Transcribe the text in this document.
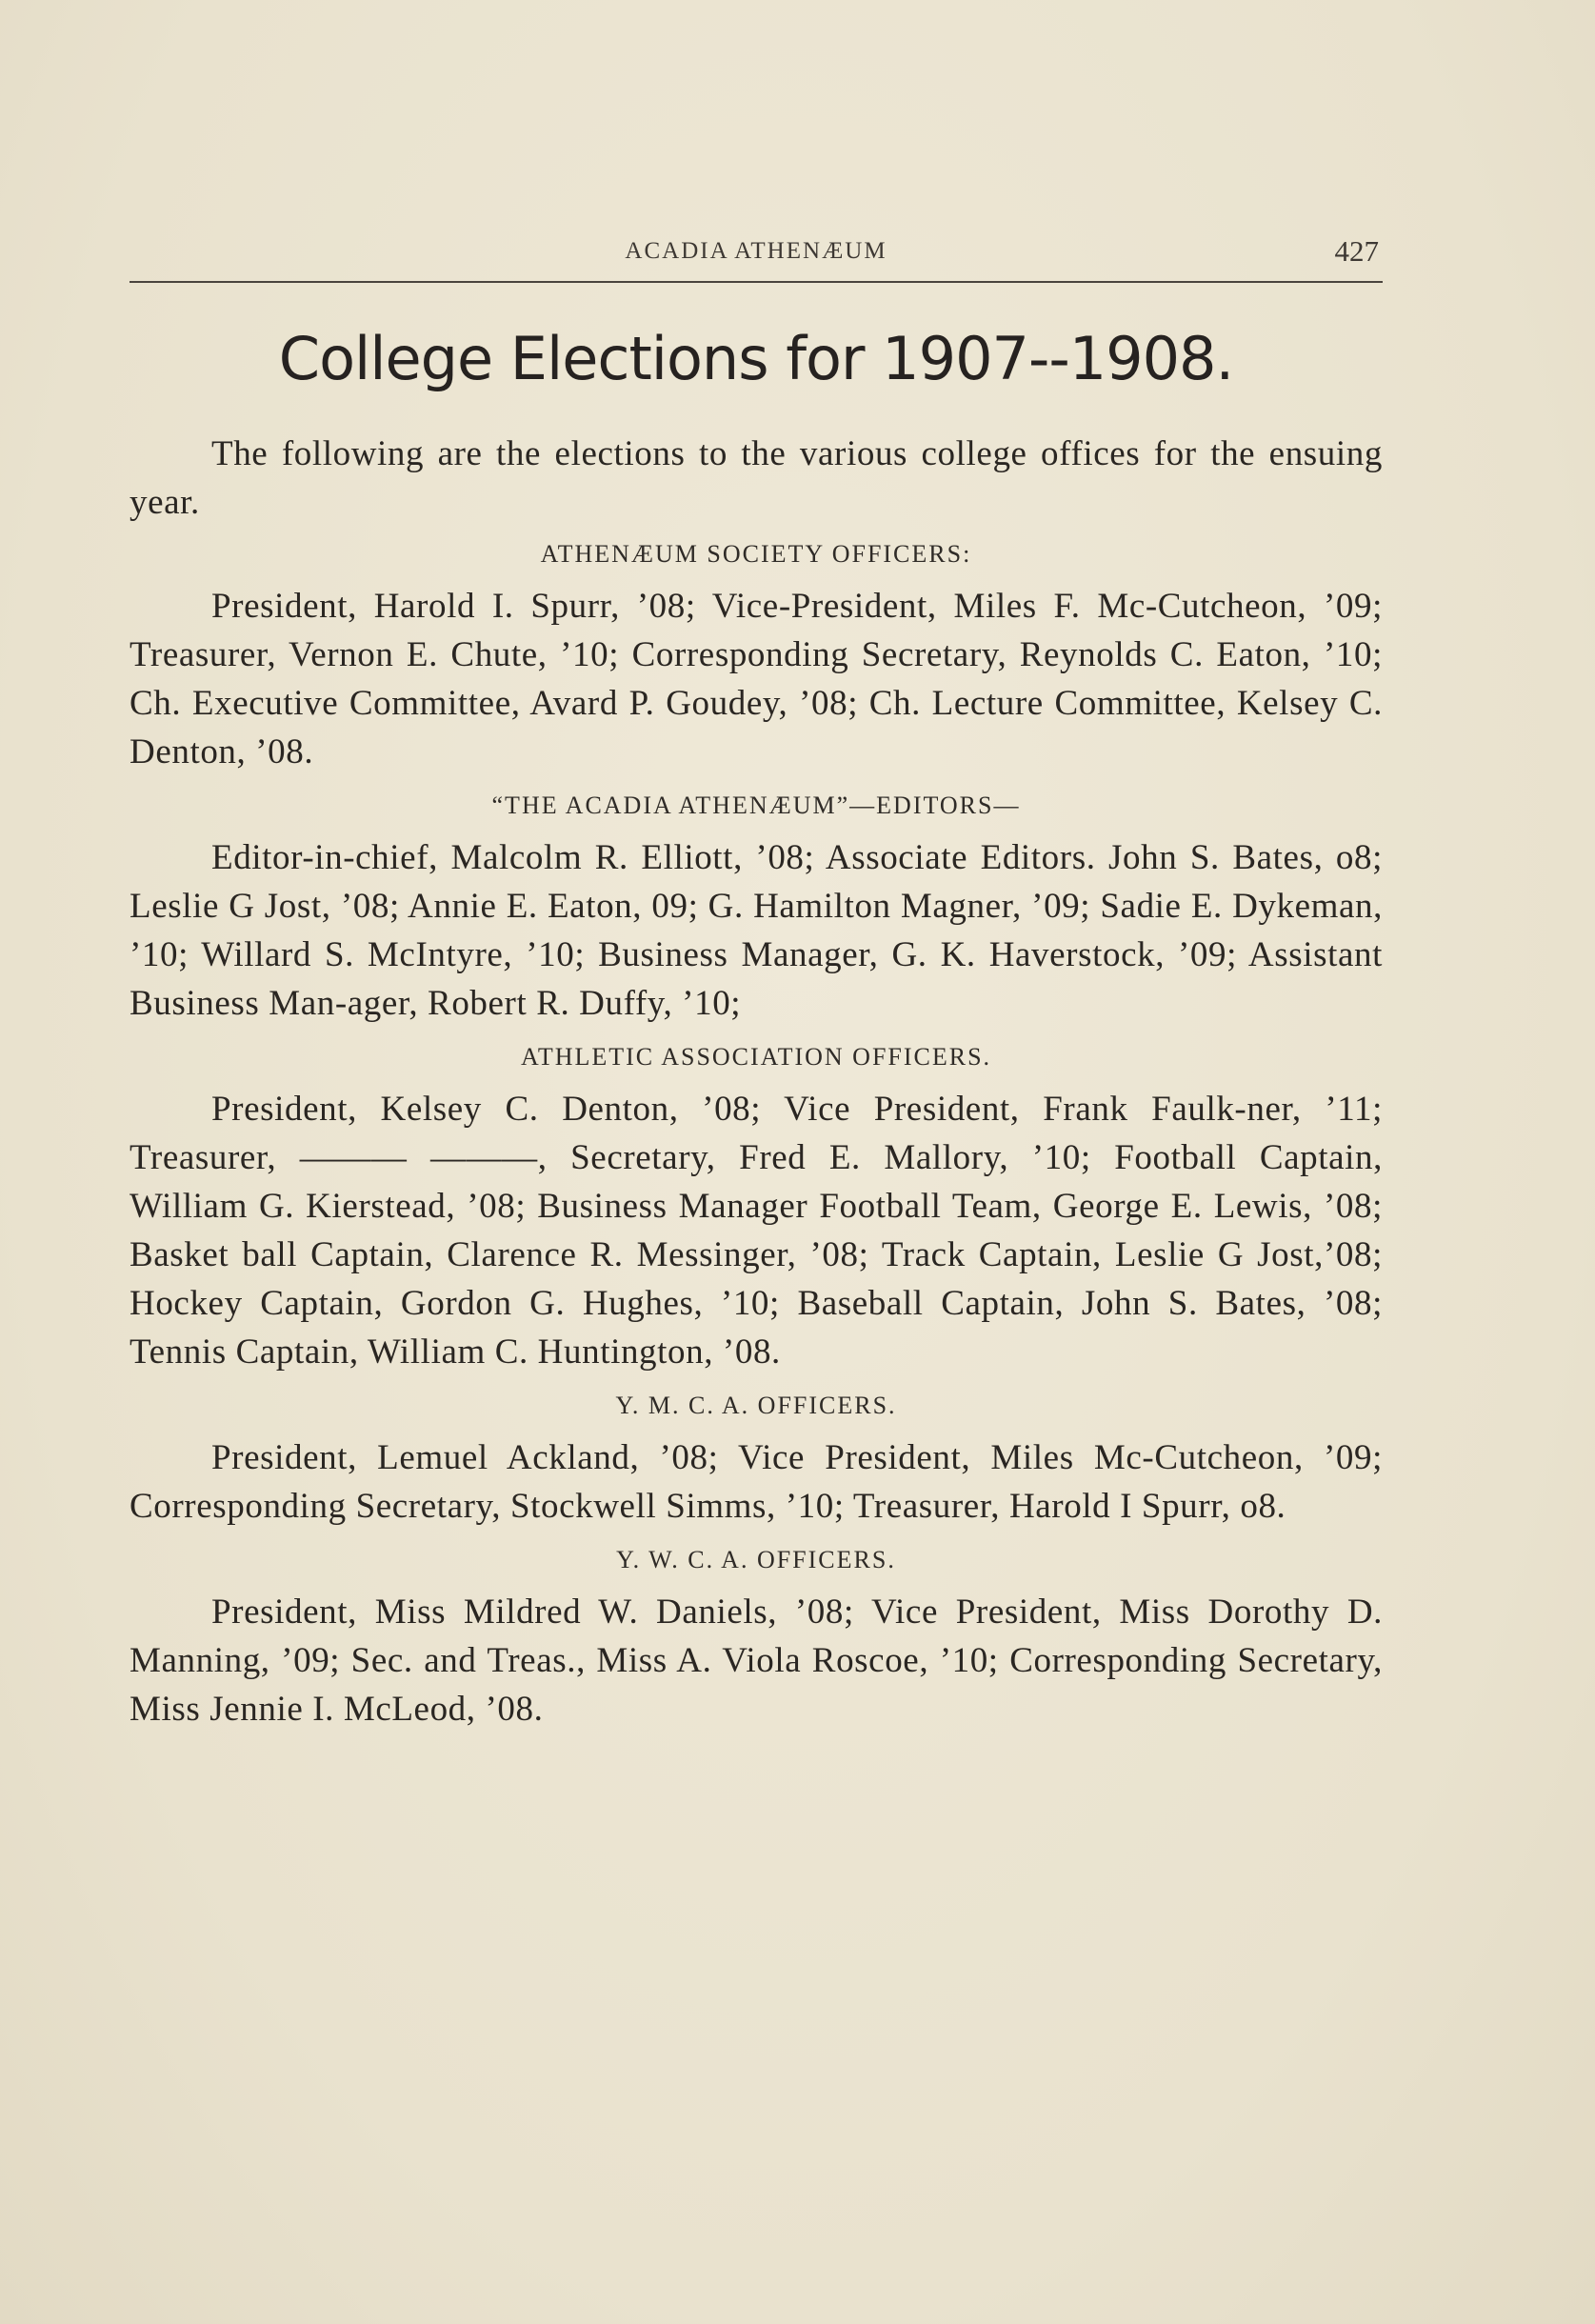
ACADIA ATHENÆUM	427
College Elections for 1907--1908.

The following are the elections to the various college offices for the ensuing year.

ATHENÆUM SOCIETY OFFICERS:

President, Harold I. Spurr, ’08; Vice-President, Miles F. Mc-Cutcheon, ’09; Treasurer, Vernon E. Chute, ’10; Corresponding Secretary, Reynolds C. Eaton, ’10; Ch. Executive Committee, Avard P. Goudey, ’08; Ch. Lecture Committee, Kelsey C. Denton, ’08.

“THE ACADIA ATHENÆUM”—EDITORS—

Editor-in-chief, Malcolm R. Elliott, ’08; Associate Editors. John S. Bates, o8; Leslie G Jost, ’08; Annie E. Eaton, 09; G. Hamilton Magner, ’09; Sadie E. Dykeman, ’10; Willard S. McIntyre, ’10; Business Manager, G. K. Haverstock, ’09; Assistant Business Man-ager, Robert R. Duffy, ’10;

ATHLETIC ASSOCIATION OFFICERS.

President, Kelsey C. Denton, ’08; Vice President, Frank Faulk-ner, ’11; Treasurer, ——— ———, Secretary, Fred E. Mallory, ’10; Football Captain, William G. Kierstead, ’08; Business Manager Football Team, George E. Lewis, ’08; Basket ball Captain, Clarence R. Messinger, ’08; Track Captain, Leslie G Jost,’08; Hockey Captain, Gordon G. Hughes, ’10; Baseball Captain, John S. Bates, ’08; Tennis Captain, William C. Huntington, ’08.

Y. M. C. A. OFFICERS.

President, Lemuel Ackland, ’08; Vice President, Miles Mc-Cutcheon, ’09; Corresponding Secretary, Stockwell Simms, ’10; Treasurer, Harold I Spurr, o8.

Y. W. C. A. OFFICERS.

President, Miss Mildred W. Daniels, ’08; Vice President, Miss Dorothy D. Manning, ’09; Sec. and Treas., Miss A. Viola Roscoe, ’10; Corresponding Secretary, Miss Jennie I. McLeod, ’08.
